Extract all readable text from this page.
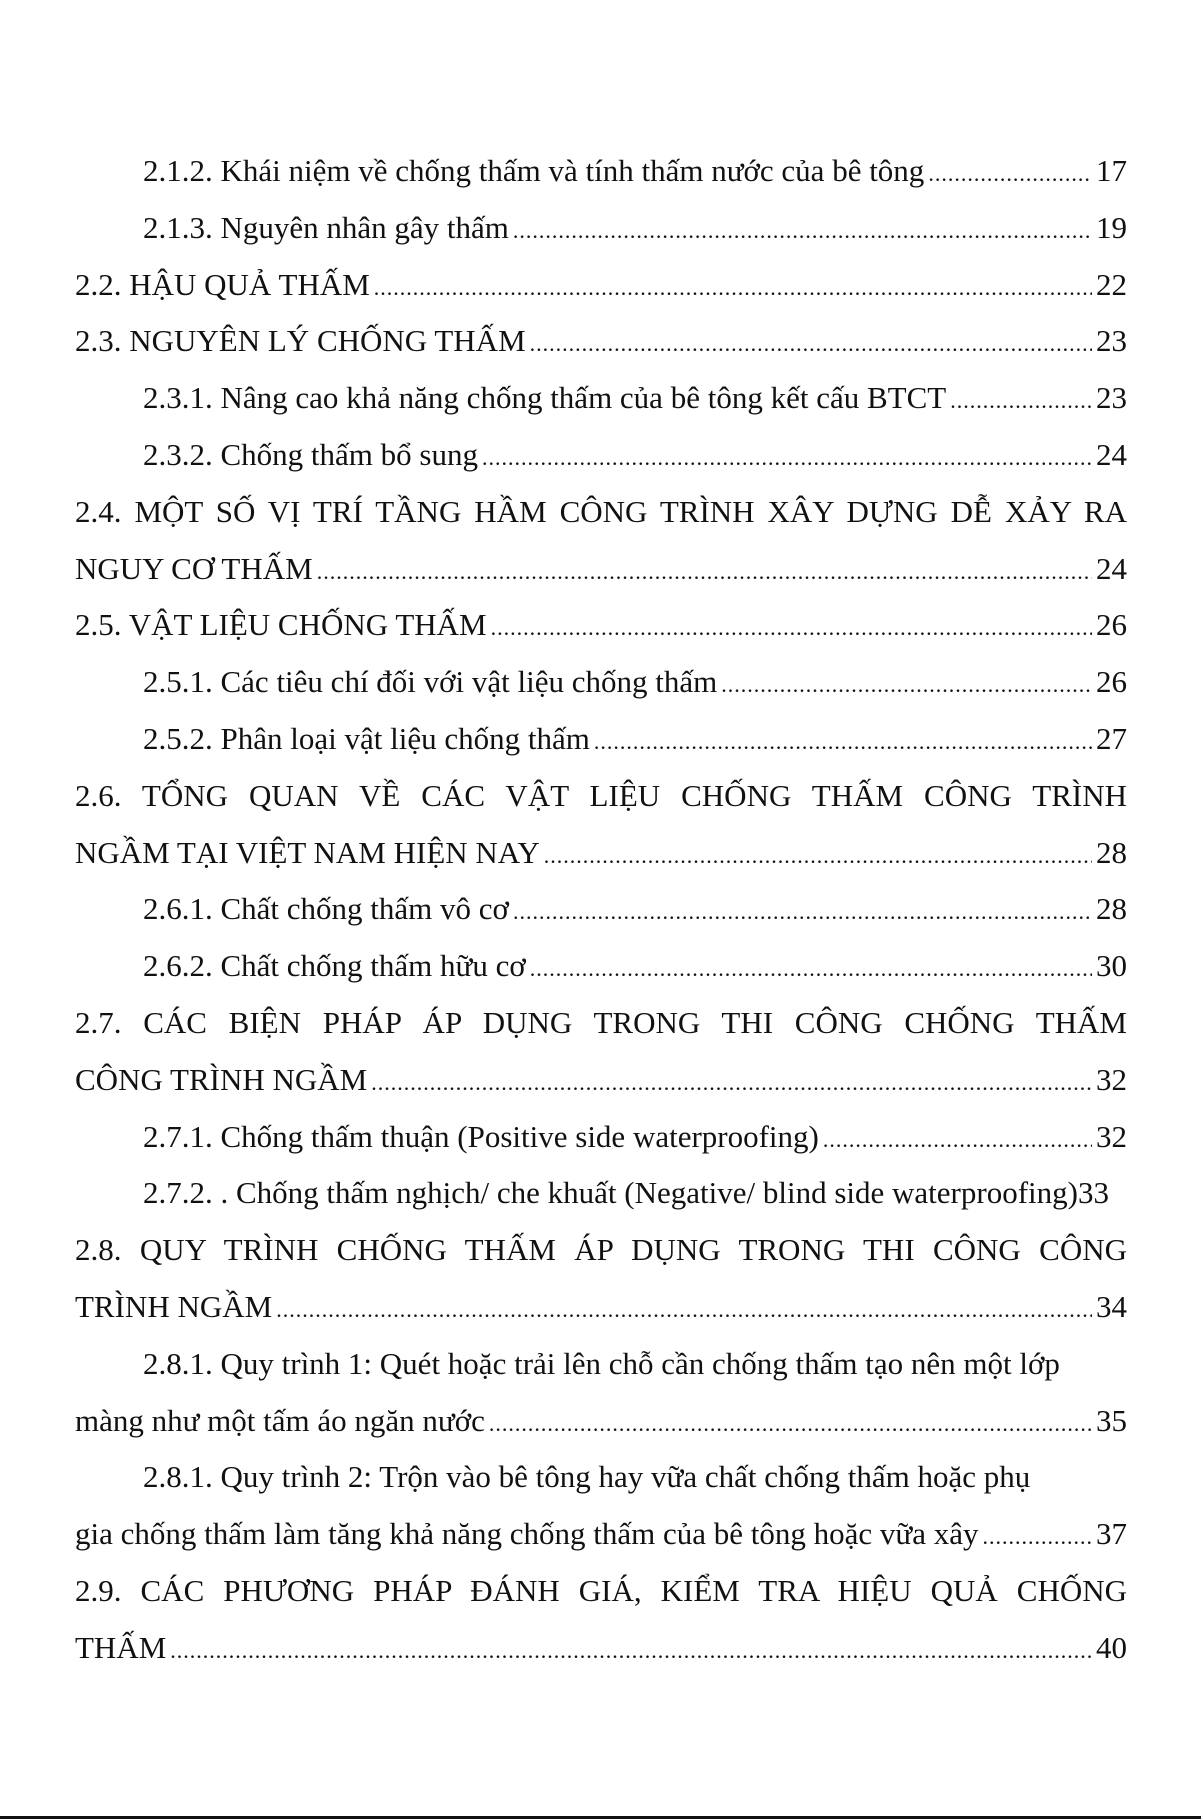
2.1.2. Khái niệm về chống thấm và tính thấm nước của bê tông .....	17
2.1.3. Nguyên nhân gây thấm .....	19
2.2. HẬU QUẢ THẤM .....	22
2.3. NGUYÊN LÝ CHỐNG THẤM .....	23
2.3.1. Nâng cao khả năng chống thấm của bê tông kết cấu BTCT .....	23
2.3.2. Chống thấm bổ sung .....	24
2.4. MỘT SỐ VỊ TRÍ TẦNG HẦM CÔNG TRÌNH XÂY DỰNG DỄ XẢY RA
NGUY CƠ THẤM .....	24
2.5. VẬT LIỆU CHỐNG THẤM .....	26
2.5.1. Các tiêu chí đối với vật liệu chống thấm .....	26
2.5.2. Phân loại vật liệu chống thấm .....	27
2.6. TỔNG QUAN VỀ CÁC VẬT LIỆU CHỐNG THẤM CÔNG TRÌNH
NGẦM TẠI VIỆT NAM HIỆN NAY .....	28
2.6.1. Chất chống thấm vô cơ .....	28
2.6.2. Chất chống thấm hữu cơ .....	30
2.7. CÁC BIỆN PHÁP ÁP DỤNG TRONG THI CÔNG CHỐNG THẤM
CÔNG TRÌNH NGẦM .....	32
2.7.1. Chống thấm thuận (Positive side waterproofing) .....	32
2.7.2. . Chống thấm nghịch/ che khuất (Negative/ blind side waterproofing) 33
2.8. QUY TRÌNH CHỐNG THẤM ÁP DỤNG TRONG THI CÔNG CÔNG
TRÌNH NGẦM .....	34
2.8.1. Quy trình 1: Quét hoặc trải lên chỗ cần chống thấm tạo nên một lớp
màng như một tấm áo ngăn nước .....	35
2.8.1. Quy trình 2: Trộn vào bê tông hay vữa chất chống thấm hoặc phụ
gia chống thấm làm tăng khả năng chống thấm của bê tông hoặc vữa xây .....	37
2.9. CÁC PHƯƠNG PHÁP ĐÁNH GIÁ, KIỂM TRA HIỆU QUẢ CHỐNG
THẤM .....	40
